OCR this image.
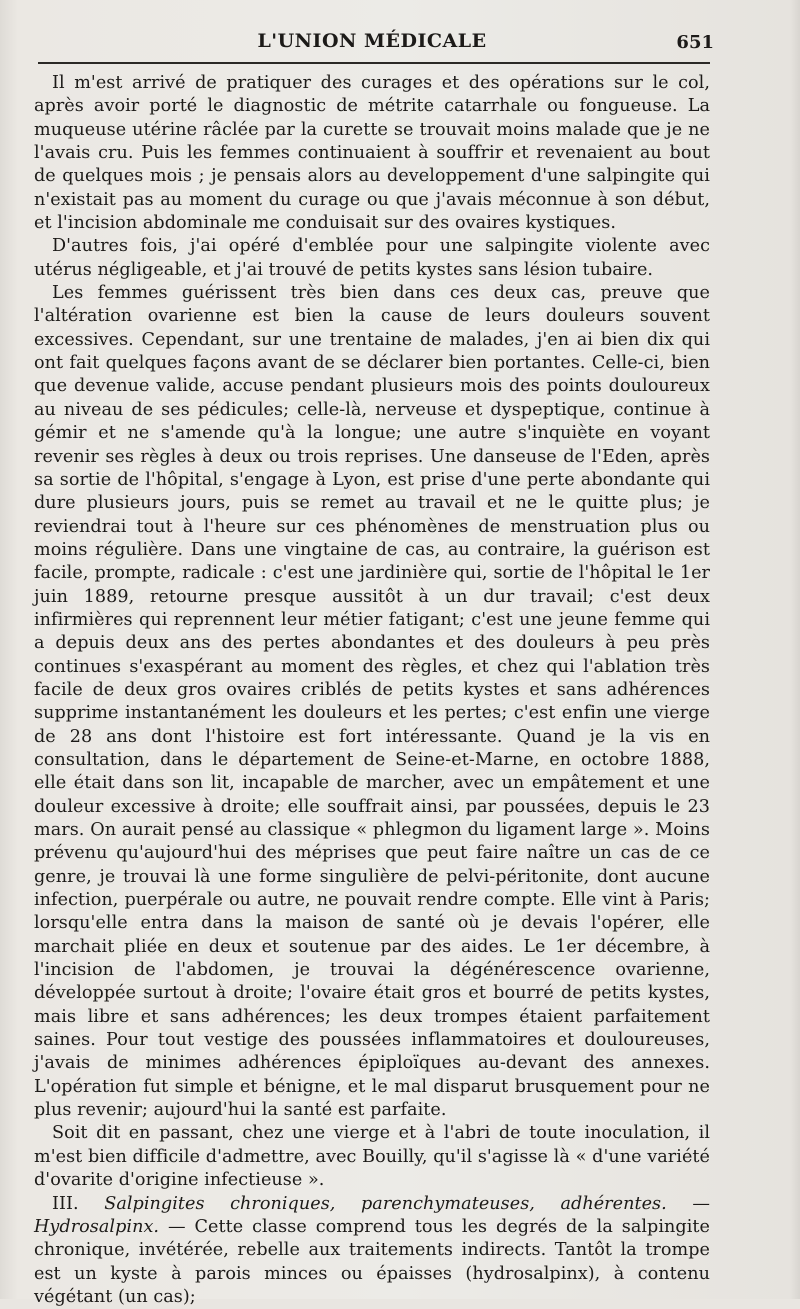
L'UNION MÉDICALE	651

Il m'est arrivé de pratiquer des curages et des opérations sur le col, après avoir porté le diagnostic de métrite catarrhale ou fongueuse. La muqueuse utérine râclée par la curette se trouvait moins malade que je ne l'avais cru. Puis les femmes continuaient à souffrir et revenaient au bout de quelques mois ; je pensais alors au developpement d'une salpingite qui n'existait pas au moment du curage ou que j'avais méconnue à son début, et l'incision abdominale me conduisait sur des ovaires kystiques.

D'autres fois, j'ai opéré d'emblée pour une salpingite violente avec utérus négligeable, et j'ai trouvé de petits kystes sans lésion tubaire.

Les femmes guérissent très bien dans ces deux cas, preuve que l'altération ovarienne est bien la cause de leurs douleurs souvent excessives. Cependant, sur une trentaine de malades, j'en ai bien dix qui ont fait quelques façons avant de se déclarer bien portantes. Celle-ci, bien que devenue valide, accuse pendant plusieurs mois des points douloureux au niveau de ses pédicules; celle-là, nerveuse et dyspeptique, continue à gémir et ne s'amende qu'à la longue; une autre s'inquiète en voyant revenir ses règles à deux ou trois reprises. Une danseuse de l'Eden, après sa sortie de l'hôpital, s'engage à Lyon, est prise d'une perte abondante qui dure plusieurs jours, puis se remet au travail et ne le quitte plus; je reviendrai tout à l'heure sur ces phénomènes de menstruation plus ou moins régulière. Dans une vingtaine de cas, au contraire, la guérison est facile, prompte, radicale : c'est une jardinière qui, sortie de l'hôpital le 1er juin 1889, retourne presque aussitôt à un dur travail; c'est deux infirmières qui reprennent leur métier fatigant; c'est une jeune femme qui a depuis deux ans des pertes abondantes et des douleurs à peu près continues s'exaspérant au moment des règles, et chez qui l'ablation très facile de deux gros ovaires criblés de petits kystes et sans adhérences supprime instantanément les douleurs et les pertes; c'est enfin une vierge de 28 ans dont l'histoire est fort intéressante. Quand je la vis en consultation, dans le département de Seine-et-Marne, en octobre 1888, elle était dans son lit, incapable de marcher, avec un empâtement et une douleur excessive à droite; elle souffrait ainsi, par poussées, depuis le 23 mars. On aurait pensé au classique « phlegmon du ligament large ». Moins prévenu qu'aujourd'hui des méprises que peut faire naître un cas de ce genre, je trouvai là une forme singulière de pelvi-péritonite, dont aucune infection, puerpérale ou autre, ne pouvait rendre compte. Elle vint à Paris; lorsqu'elle entra dans la maison de santé où je devais l'opérer, elle marchait pliée en deux et soutenue par des aides. Le 1er décembre, à l'incision de l'abdomen, je trouvai la dégénérescence ovarienne, développée surtout à droite; l'ovaire était gros et bourré de petits kystes, mais libre et sans adhérences; les deux trompes étaient parfaitement saines. Pour tout vestige des poussées inflammatoires et douloureuses, j'avais de minimes adhérences épiploïques au-devant des annexes. L'opération fut simple et bénigne, et le mal disparut brusquement pour ne plus revenir; aujourd'hui la santé est parfaite.

Soit dit en passant, chez une vierge et à l'abri de toute inoculation, il m'est bien difficile d'admettre, avec Bouilly, qu'il s'agisse là « d'une variété d'ovarite d'origine infectieuse ».

III. Salpingites chroniques, parenchymateuses, adhérentes. — Hydrosalpinx. — Cette classe comprend tous les degrés de la salpingite chronique, invétérée, rebelle aux traitements indirects. Tantôt la trompe est un kyste à parois minces ou épaisses (hydrosalpinx), à contenu végétant (un cas);
